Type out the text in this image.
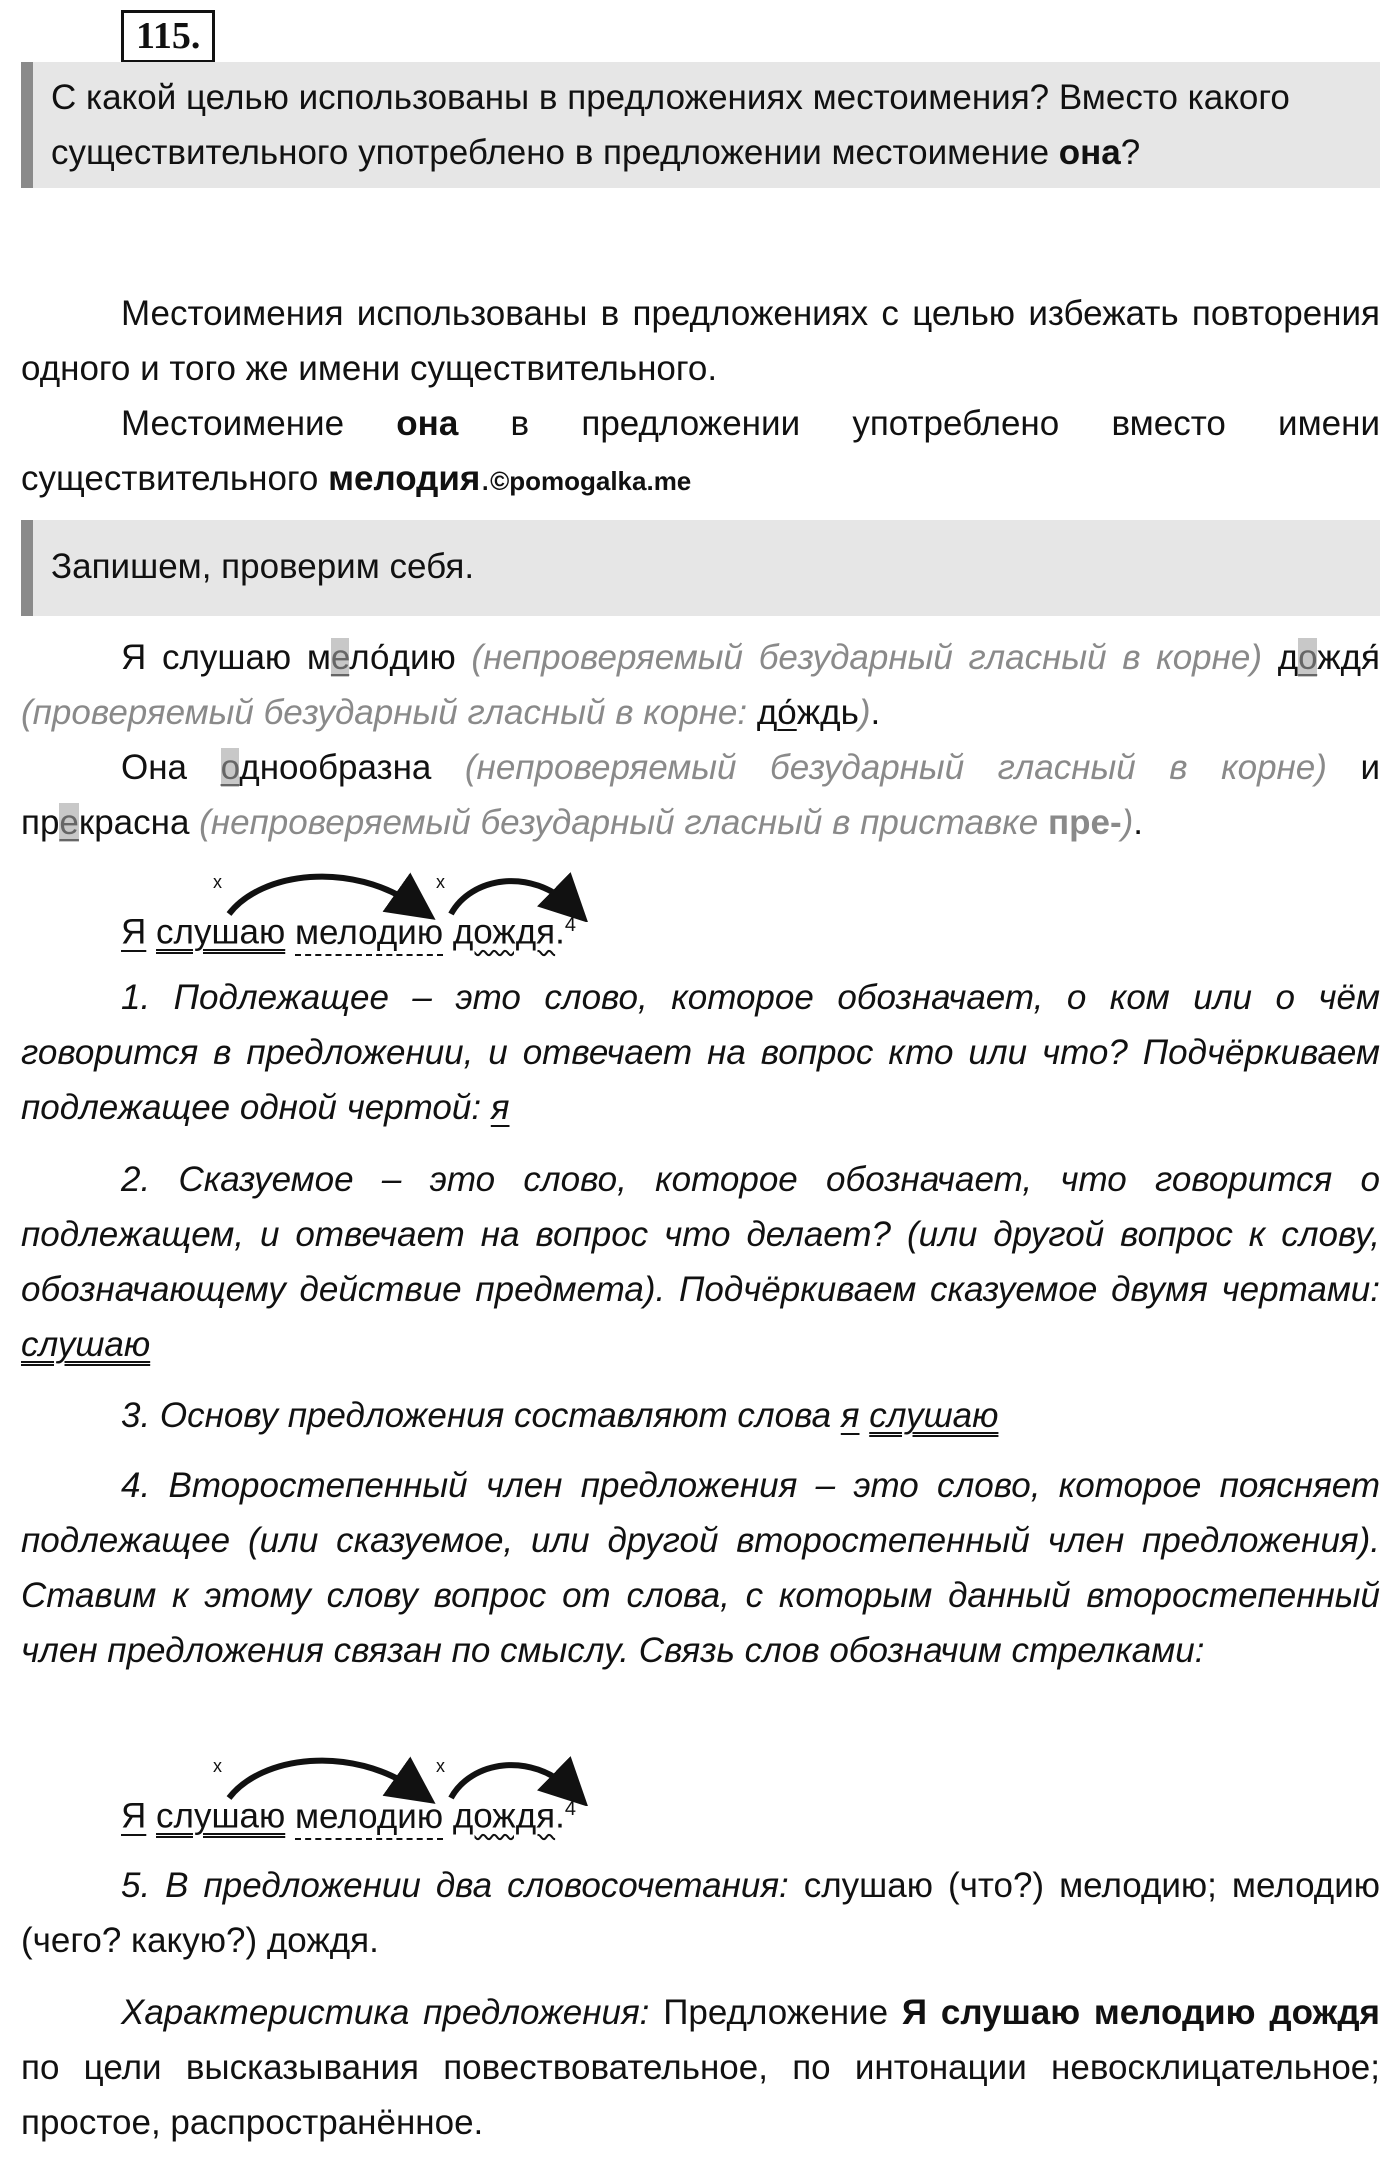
115.
С какой целью использованы в предложениях местоимения? Вместо какого существительного употреблено в предложении местоимение она?
Местоимения использованы в предложениях с целью избежать повторения одного и того же имени существительного.
Местоимение она в предложении употреблено вместо имени существительного мелодия.©pomogalka.me
Запишем, проверим себя.
Я слушаю мело́дию (непроверяемый безударный гласный в корне) дождя́ (проверяемый безударный гласный в корне: до́ждь).
Она однообразна (непроверяемый безударный гласный в корне) и прекрасна (непроверяемый безударный гласный в приставке пре-).
x	x
Я слушаю мелодию дождя.$^4$
1. Подлежащее – это слово, которое обозначает, о ком или о чём говорится в предложении, и отвечает на вопрос кто или что? Подчёркиваем подлежащее одной чертой: я
2. Сказуемое – это слово, которое обозначает, что говорится о подлежащем, и отвечает на вопрос что делает? (или другой вопрос к слову, обозначающему действие предмета). Подчёркиваем сказуемое двумя чертами: слушаю
3. Основу предложения составляют слова я слушаю
4. Второстепенный член предложения – это слово, которое поясняет подлежащее (или сказуемое, или другой второстепенный член предложения). Ставим к этому слову вопрос от слова, с которым данный второстепенный член предложения связан по смыслу. Связь слов обозначим стрелками:
x	x
Я слушаю мелодию дождя.$^4$
5. В предложении два словосочетания: слушаю (что?) мелодию; мелодию (чего? какую?) дождя.
Характеристика предложения: Предложение Я слушаю мелодию дождя по цели высказывания повествовательное, по интонации невосклицательное; простое, распространённое.
